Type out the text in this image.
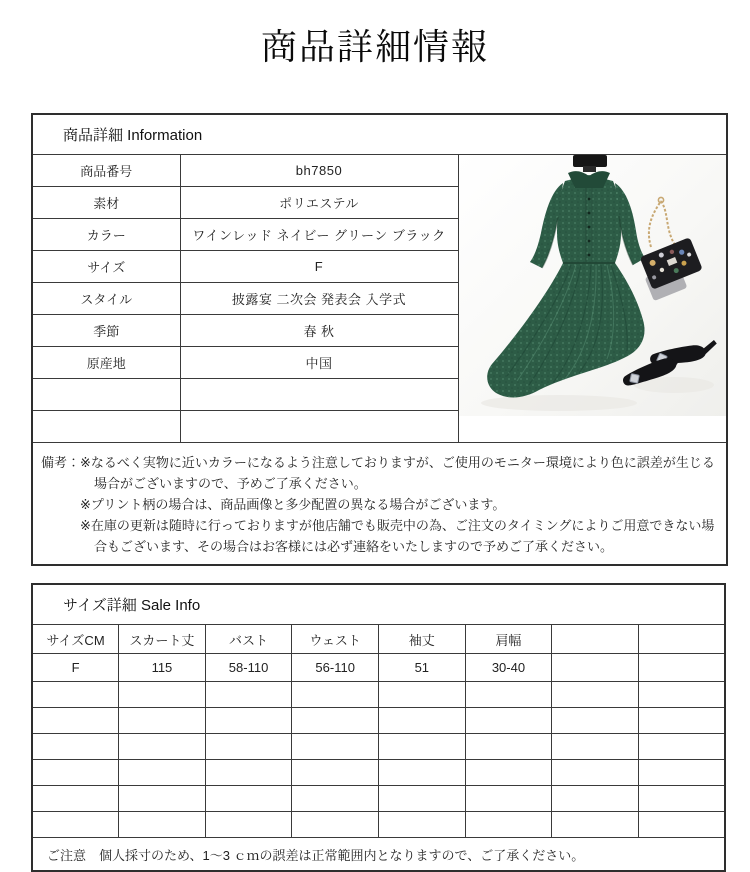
商品詳細情報
商品詳細 Information		
商品番号	bh7850	

素材	ポリエステル	
カラー	ワインレッド ネイビー グリーン ブラック	
サイズ	F	
スタイル	披露宴 二次会 発表会 入学式	
季節	春 秋	
原産地	中国	

備考： ※なるべく実物に近いカラーになるよう注意しておりますが、ご使用のモニター環境により色に誤差が生じる場合がございますので、予めご了承ください。

※プリント柄の場合は、商品画像と多少配置の異なる場合がございます。

※在庫の更新は随時に行っておりますが他店舗でも販売中の為、ご注文のタイミングによりご用意できない場合もございます、その場合はお客様には必ず連絡をいたしますので予めご了承ください。		

サイズ詳細 Sale Info							
サイズCM	スカート丈	バスト	ウェスト	袖丈	肩幅		
F	115	58-110	56-110	51	30-40		

ご注意　個人採寸のため、1～3 ｃｍの誤差は正常範囲内となりますので、ご了承ください。							
